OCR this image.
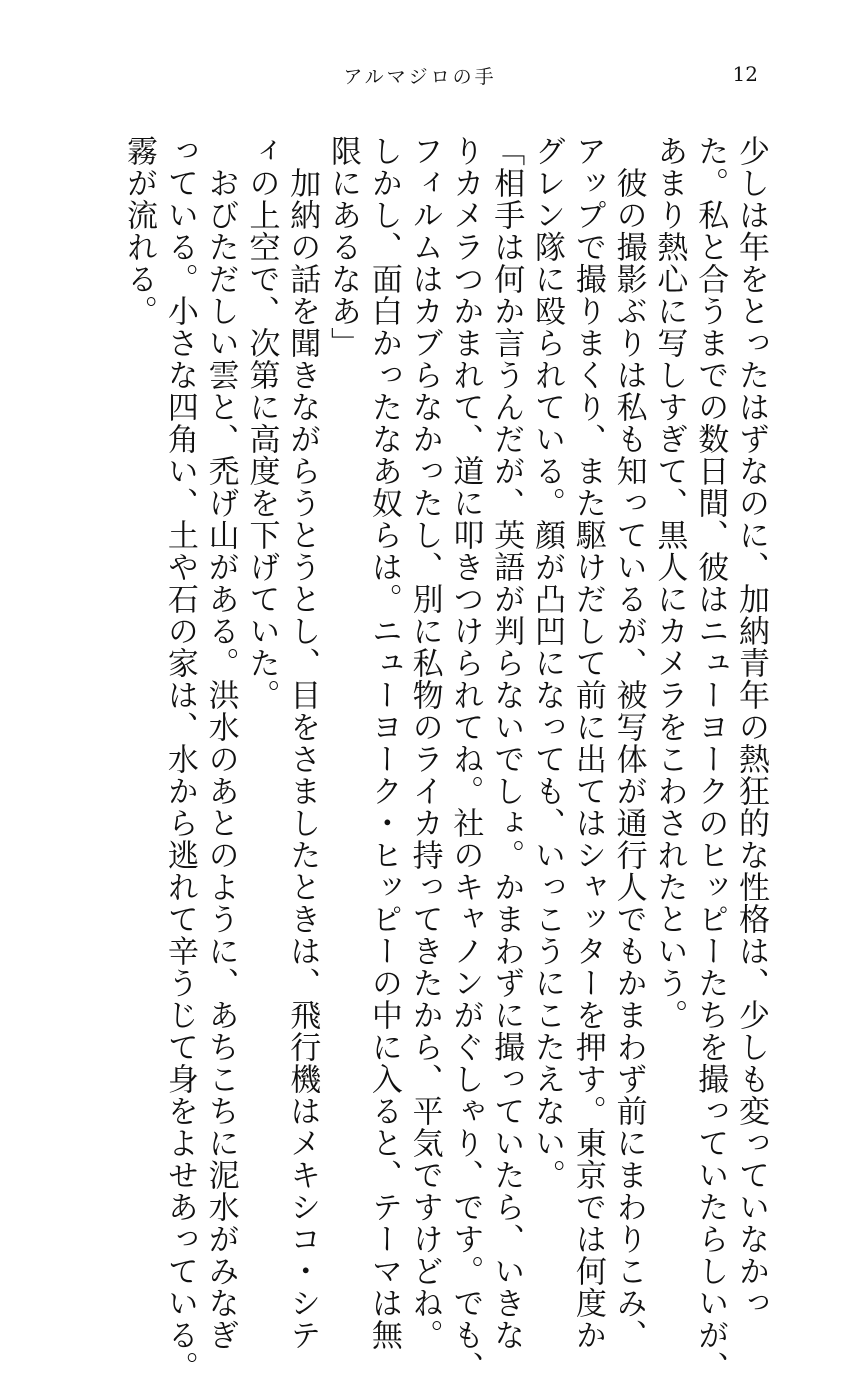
アルマジロの手	12

少しは年をとったはずなのに、加納青年の熱狂的な性格は、少しも変っていなかっ

た。私と合うまでの数日間、彼はニューヨークのヒッピーたちを撮っていたらしいが、

あまり熱心に写しすぎて、黒人にカメラをこわされたという。

　彼の撮影ぶりは私も知っているが、被写体が通行人でもかまわず前にまわりこみ、

アップで撮りまくり、また駆けだして前に出てはシャッターを押す。東京では何度か

グレン隊に殴られている。顔が凸凹になっても、いっこうにこたえない。

「相手は何か言うんだが、英語が判らないでしょ。かまわずに撮っていたら、いきな

りカメラつかまれて、道に叩きつけられてね。社のキャノンがぐしゃり、です。でも、

フィルムはカブらなかったし、別に私物のライカ持ってきたから、平気ですけどね。

しかし、面白かったなあ奴らは。ニューヨーク・ヒッピーの中に入ると、テーマは無

限にあるなあ」

　加納の話を聞きながらうとうとし、目をさましたときは、飛行機はメキシコ・シテ

ィの上空で、次第に高度を下げていた。

　おびただしい雲と、禿げ山がある。洪水のあとのように、あちこちに泥水がみなぎ

っている。小さな四角い、土や石の家は、水から逃れて辛うじて身をよせあっている。

霧が流れる。
